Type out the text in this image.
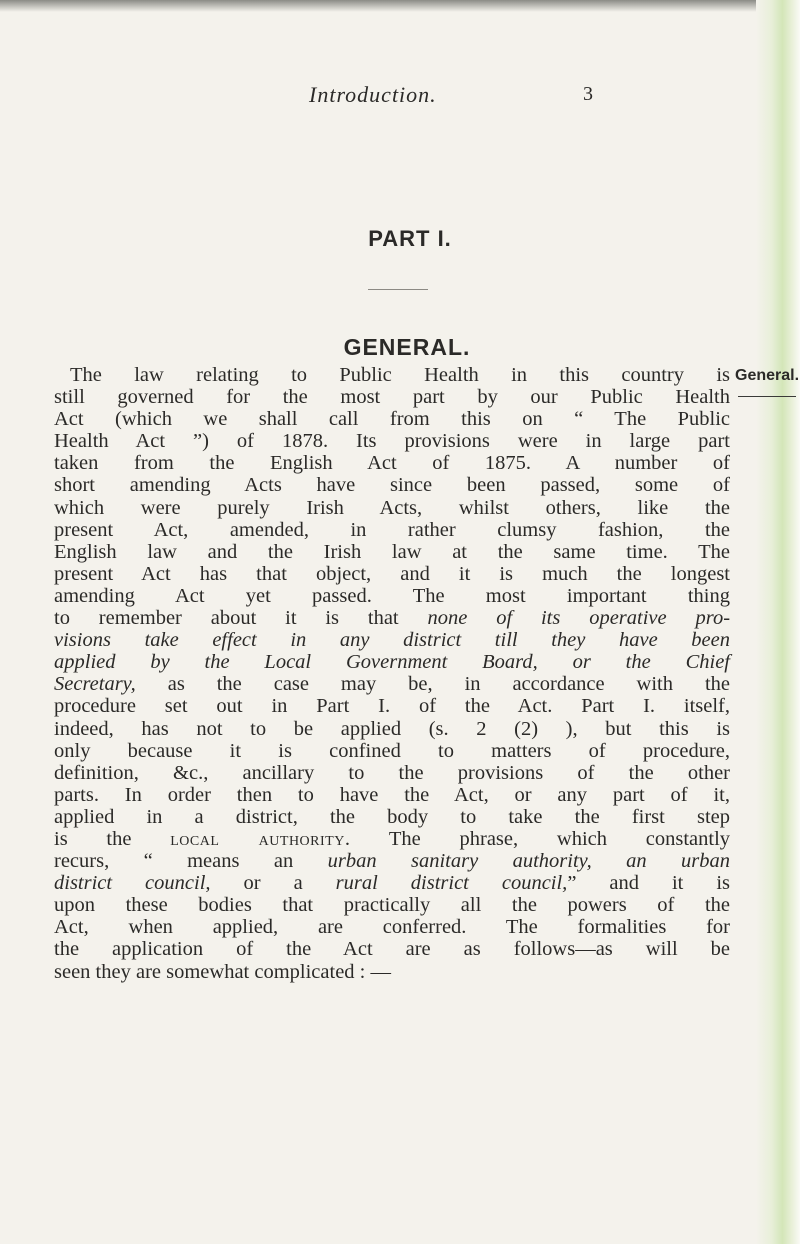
Introduction.	3
PART I.
GENERAL.
General.
The law relating to Public Health in this country is
still governed for the most part by our Public Health
Act (which we shall call from this on “ The Public
Health Act ”) of 1878. Its provisions were in large part
taken from the English Act of 1875. A number of
short amending Acts have since been passed, some of
which were purely Irish Acts, whilst others, like the
present Act, amended, in rather clumsy fashion, the
English law and the Irish law at the same time. The
present Act has that object, and it is much the longest
amending Act yet passed. The most important thing
to remember about it is that none of its operative pro-
visions take effect in any district till they have been
applied by the Local Government Board, or the Chief
Secretary, as the case may be, in accordance with the
procedure set out in Part I. of the Act. Part I. itself,
indeed, has not to be applied (s. 2 (2) ), but this is
only because it is confined to matters of procedure,
definition, &c., ancillary to the provisions of the other
parts. In order then to have the Act, or any part of it,
applied in a district, the body to take the first step
is the local authority. The phrase, which constantly
recurs, “ means an urban sanitary authority, an urban
district council, or a rural district council,” and it is
upon these bodies that practically all the powers of the
Act, when applied, are conferred. The formalities for
the application of the Act are as follows—as will be
seen they are somewhat complicated : —
